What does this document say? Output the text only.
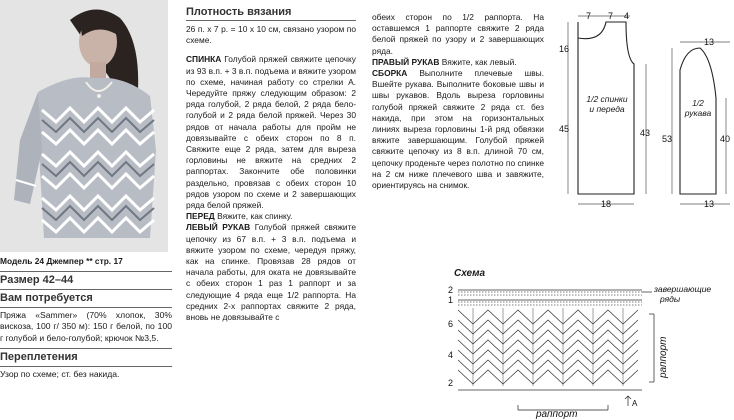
Модель 24 Джемпер ** стр. 17
Размер 42–44
Вам потребуется

Пряжа «Sammer» (70% хлопок, 30% вискоза, 100 г/ 350 м): 150 г белой, по 100 г голубой и бело-голубой; крючок №3,5.

Переплетения

Узор по схеме; ст. без накида.

Плотность вязания

26 п. х 7 р. = 10 х 10 см, связано узором по схеме.

СПИНКА Голубой пряжей свяжите цепочку из 93 в.п. + 3 в.п. подъема и вяжите узором по схеме, начиная работу со стрелки А. Чередуйте пряжу следующим образом: 2 ряда голубой, 2 ряда белой, 2 ряда бело-голубой и 2 ряда белой пряжей. Через 30 рядов от начала работы для пройм не довязывайте с обеих сторон по 8 п. Свяжите еще 2 ряда, затем для выреза горловины не вяжите на средних 2 раппортах. Закончите обе половинки раздельно, провязав с обеих сторон 10 рядов узором по схеме и 2 завершающих ряда белой пряжей.

ПЕРЕД Вяжите, как спинку.

ЛЕВЫЙ РУКАВ Голубой пряжей свяжите цепочку из 67 в.п. + 3 в.п. подъема и вяжите узором по схеме, чередуя пряжу, как на спинке. Провязав 28 рядов от начала работы, для оката не довязывайте с обеих сторон 1 раз 1 раппорт и за следующие 4 ряда еще 1/2 раппорта. На средних 2-х раппортах свяжите 2 ряда, вновь не довязывайте с

обеих сторон по 1/2 раппорта. На оставшемся 1 раппорте свяжите 2 ряда белой пряжей по узору и 2 завершающих ряда.

ПРАВЫЙ РУКАВ Вяжите, как левый.

СБОРКА Выполните плечевые швы. Вшейте рукава. Выполните боковые швы и швы рукавов. Вдоль выреза горловины голубой пряжей свяжите 2 ряда ст. без накида, при этом на горизонтальных линиях выреза горловины 1-й ряд обвязки вяжите завершающим. Голубой пряжей свяжите цепочку из 8 в.п. длиной 70 см, цепочку проденьте через полотно по спинке на 2 см ниже плечевого шва и завяжите, ориентируясь на снимок.

7 7 4
16
45	43
18
1/2 спинки и переда
13
53	40
13
1/2 рукава
Схема
2
1
6
4
2
А
завершающие
ряды
раппорт
раппорт
